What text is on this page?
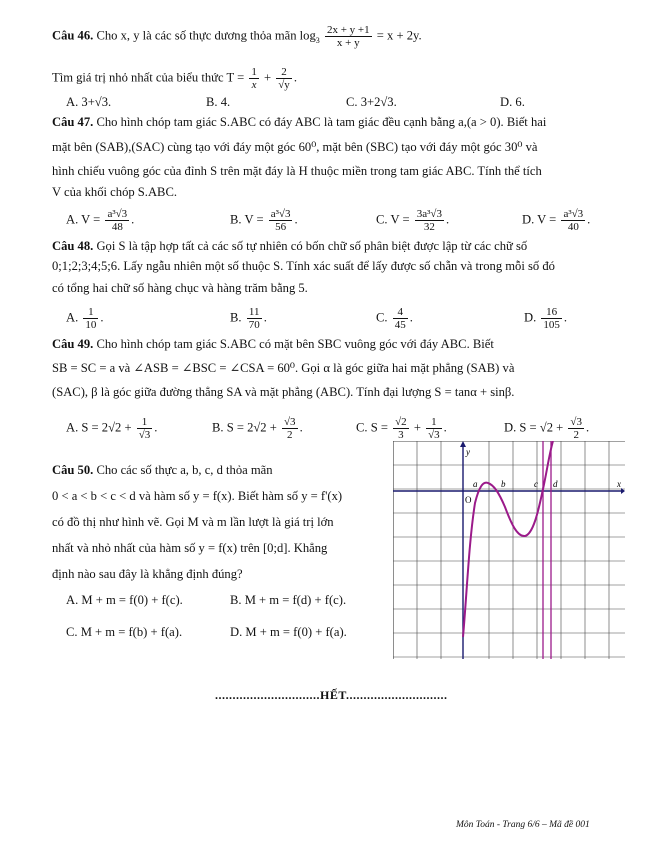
Câu 46. Cho x, y là các số thực dương thỏa mãn $\log_3 \frac{2x + y +1}{x + y} = x + 2y$.
Tìm giá trị nhỏ nhất của biểu thức $T = \frac{1}{x} + \frac{2}{√y}$ .
A. 3+√3.	B. 4.	C. 3+2√3.	D. 6.
Câu 47. Cho hình chóp tam giác S.ABC có đáy ABC là tam giác đều cạnh bằng a,(a > 0). Biết hai
mặt bên (SAB),(SAC) cùng tạo với đáy một góc 60⁰, mặt bên (SBC) tạo với đáy một góc 30⁰ và
hình chiếu vuông góc của đỉnh S trên mặt đáy là H thuộc miền trong tam giác ABC. Tính thể tích
V của khối chóp S.ABC.
A. $V = \frac{\text{a³√3}}{48}$ .	B. $V = \frac{\text{a³√3}}{56}$ .	C. $V = \frac{\text{3a³√3}}{32}$ .	D. $V = \frac{\text{a³√3}}{40}$ .
Câu 48. Gọi S là tập hợp tất cả các số tự nhiên có bốn chữ số phân biệt được lập từ các chữ số
0;1;2;3;4;5;6. Lấy ngẫu nhiên một số thuộc S. Tính xác suất để lấy được số chẵn và trong mỗi số đó
có tổng hai chữ số hàng chục và hàng trăm bằng 5.
A. $\frac{1}{10}$ .	B. $\frac{11}{70}$ .	C. $\frac{4}{45}$ .	D. $\frac{16}{105}$ .
Câu 49. Cho hình chóp tam giác S.ABC có mặt bên SBC vuông góc với đáy ABC. Biết
SB = SC = a và ∠ASB = ∠BSC = ∠CSA = 60⁰. Gọi α là góc giữa hai mặt phẳng (SAB) và
(SAC), β là góc giữa đường thẳng SA và mặt phẳng (ABC). Tính đại lượng S = tanα + sinβ.
A. $S = 2√2 + \frac{1}{√3}$ .	B. $S = 2√2 + \frac{√3}{2}$ .	C. $S = \frac{√2}{3} + \frac{1}{√3}$ .	D. $S = √2 + \frac{√3}{2}$ .
Câu 50. Cho các số thực a, b, c, d thỏa mãn
0 < a < b < c < d và hàm số y = f(x). Biết hàm số y = f'(x)
có đồ thị như hình vẽ. Gọi M và m lần lượt là giá trị lớn
nhất và nhỏ nhất của hàm số y = f(x) trên [0;d]. Khẳng
định nào sau đây là khẳng định đúng?
A. M + m = f(0) + f(c).	B. M + m = f(d) + f(c).
C. M + m = f(b) + f(a).	D. M + m = f(0) + f(a).
y
x
O
a	b	c d
..............................HẾT.............................
Môn Toán - Trang 6/6 – Mã đề 001
